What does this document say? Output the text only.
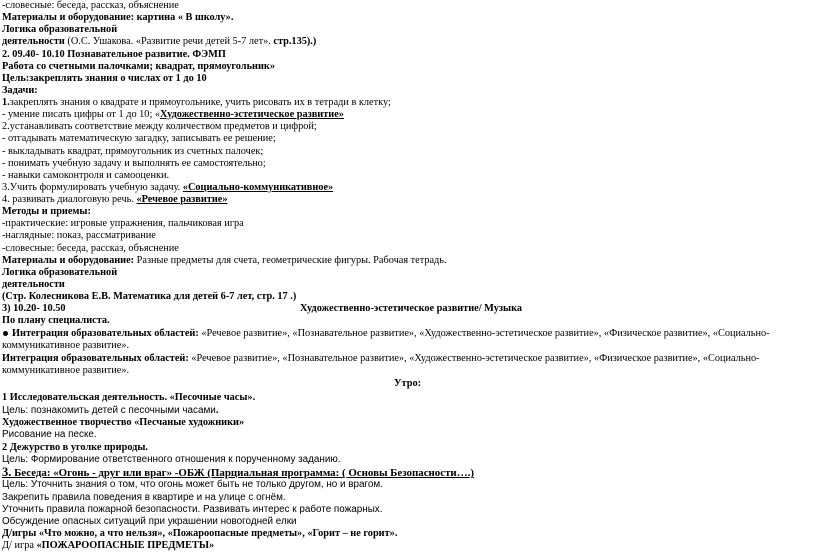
-словесные: беседа, рассказ, объяснение
Материалы и оборудование: картина « В школу».
Логика образовательной
деятельности (О.С. Ушакова. «Развитие речи детей 5-7 лет». стр.135).)
2. 09.40- 10.10 Познавательное развитие. ФЭМП
Работа со счетными палочками; квадрат, прямоугольник»
Цель:закреплять знания о числах от 1 до 10
Задачи:
1.закреплять знания о квадрате и прямоугольнике, учить рисовать их в тетради в клетку;
- умение писать цифры от 1 до 10; «Художественно-эстетическое развитие»
2.устанавливать соответствие между количеством предметов и цифрой;
- отгадывать математическую загадку, записывать ее решение;
- выкладывать квадрат, прямоугольник из счетных палочек;
- понимать учебную задачу и выполнять ее самостоятельно;
- навыки самоконтроля и самооценки.
3.Учить формулировать учебную задачу. «Социально-коммуникативное»
4. развивать диалоговую речь. «Речевое развитие»
Методы и приемы:
-практические: игровые упражнения, пальчиковая игра
-наглядные: показ, рассматривание
-словесные: беседа, рассказ, объяснение
Материалы и оборудование: Разные предметы для счета, геометрические фигуры. Рабочая тетрадь.
Логика образовательной
деятельности
(Стр. Колесникова Е.В. Математика для детей 6-7 лет, стр. 17 .)
3) 10.20- 10.50	Художественно-эстетическое развитие/ Музыка
По плану специалиста.
Интеграция образовательных областей: «Речевое развитие», «Познавательное развитие», «Художественно-эстетическое развитие», «Физическое развитие», «Социально-
коммуникативное развитие».
Интеграция образовательных областей: «Речевое развитие», «Познавательное развитие», «Художественно-эстетическое развитие», «Физическое развитие», «Социально-
коммуникативное развитие».
Утро:
1 Исследовательская деятельность. «Песочные часы».
Цель: познакомить детей с песочными часами.
Художественное творчество «Песчаные художники»
Рисование на песке.
2 Дежурство в уголке природы.
Цель: Формирование ответственного отношения к порученному заданию.
3. Беседа: «Огонь - друг или враг» -ОБЖ (Парциальная программа: ( Основы Безопасности….)
Цель: Уточнить знания о том, что огонь может быть не только другом, но и врагом.
Закрепить правила поведения в квартире и на улице с огнём.
Уточнить правила пожарной безопасности. Развивать интерес к работе пожарных.
Обсуждение опасных ситуаций при украшении новогодней елки
Д/игры «Что можно, а что нельзя», «Пожароопасные предметы», «Горит – не горит».
Д/ игра «ПОЖАРООПАСНЫЕ ПРЕДМЕТЫ»
